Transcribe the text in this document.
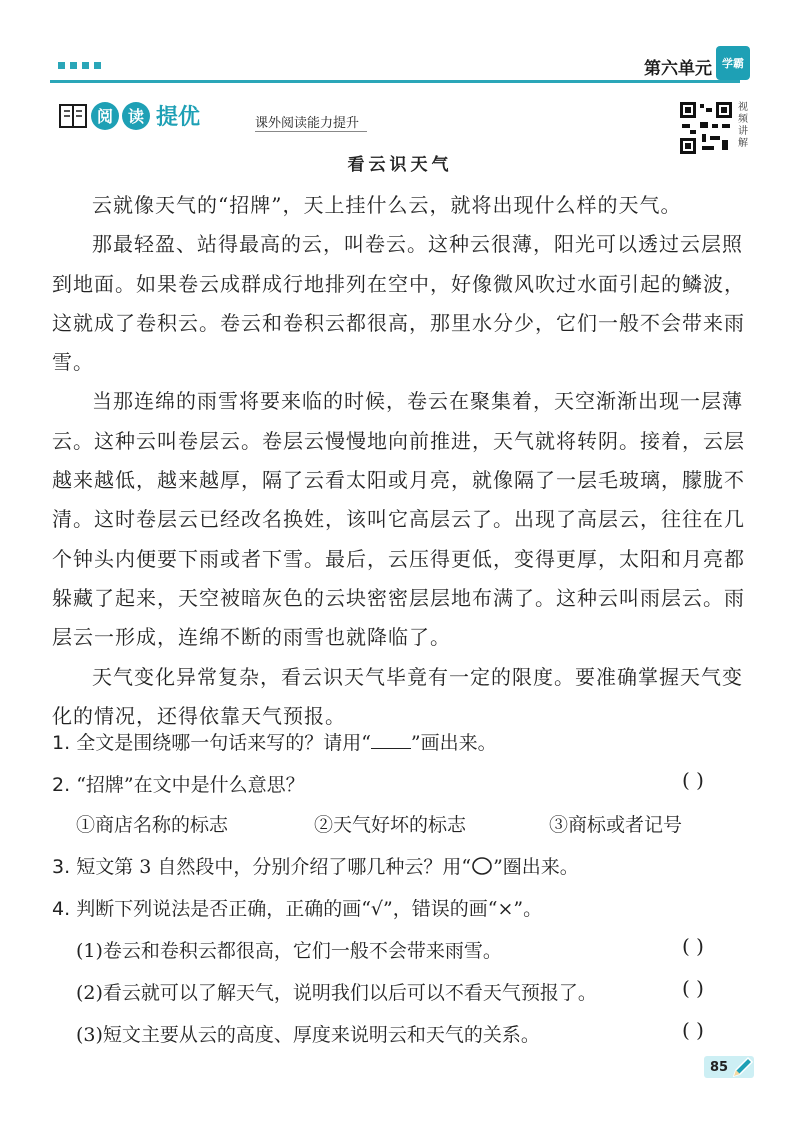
第六单元 学霸
阅 读 提优	课外阅读能力提升
视频讲解
看云识天气

云就像天气的“招牌”，天上挂什么云，就将出现什么样的天气。

那最轻盈、站得最高的云，叫卷云。这种云很薄，阳光可以透过云层照到地面。如果卷云成群成行地排列在空中，好像微风吹过水面引起的鳞波，这就成了卷积云。卷云和卷积云都很高，那里水分少，它们一般不会带来雨雪。

当那连绵的雨雪将要来临的时候，卷云在聚集着，天空渐渐出现一层薄云。这种云叫卷层云。卷层云慢慢地向前推进，天气就将转阴。接着，云层越来越低，越来越厚，隔了云看太阳或月亮，就像隔了一层毛玻璃，朦胧不清。这时卷层云已经改名换姓，该叫它高层云了。出现了高层云，往往在几个钟头内便要下雨或者下雪。最后，云压得更低，变得更厚，太阳和月亮都躲藏了起来，天空被暗灰色的云块密密层层地布满了。这种云叫雨层云。雨层云一形成，连绵不断的雨雪也就降临了。

天气变化异常复杂，看云识天气毕竟有一定的限度。要准确掌握天气变化的情况，还得依靠天气预报。

1. 全文是围绕哪一句话来写的？请用“ ”画出来。
2. “招牌”在文中是什么意思？	( )
①商店名称的标志	②天气好坏的标志	③商标或者记号
3. 短文第 3 自然段中，分别介绍了哪几种云？用“ ”圈出来。
4. 判断下列说法是否正确，正确的画“√”，错误的画“×”。
(1)卷云和卷积云都很高，它们一般不会带来雨雪。	( )
(2)看云就可以了解天气，说明我们以后可以不看天气预报了。	( )
(3)短文主要从云的高度、厚度来说明云和天气的关系。	( )
85
